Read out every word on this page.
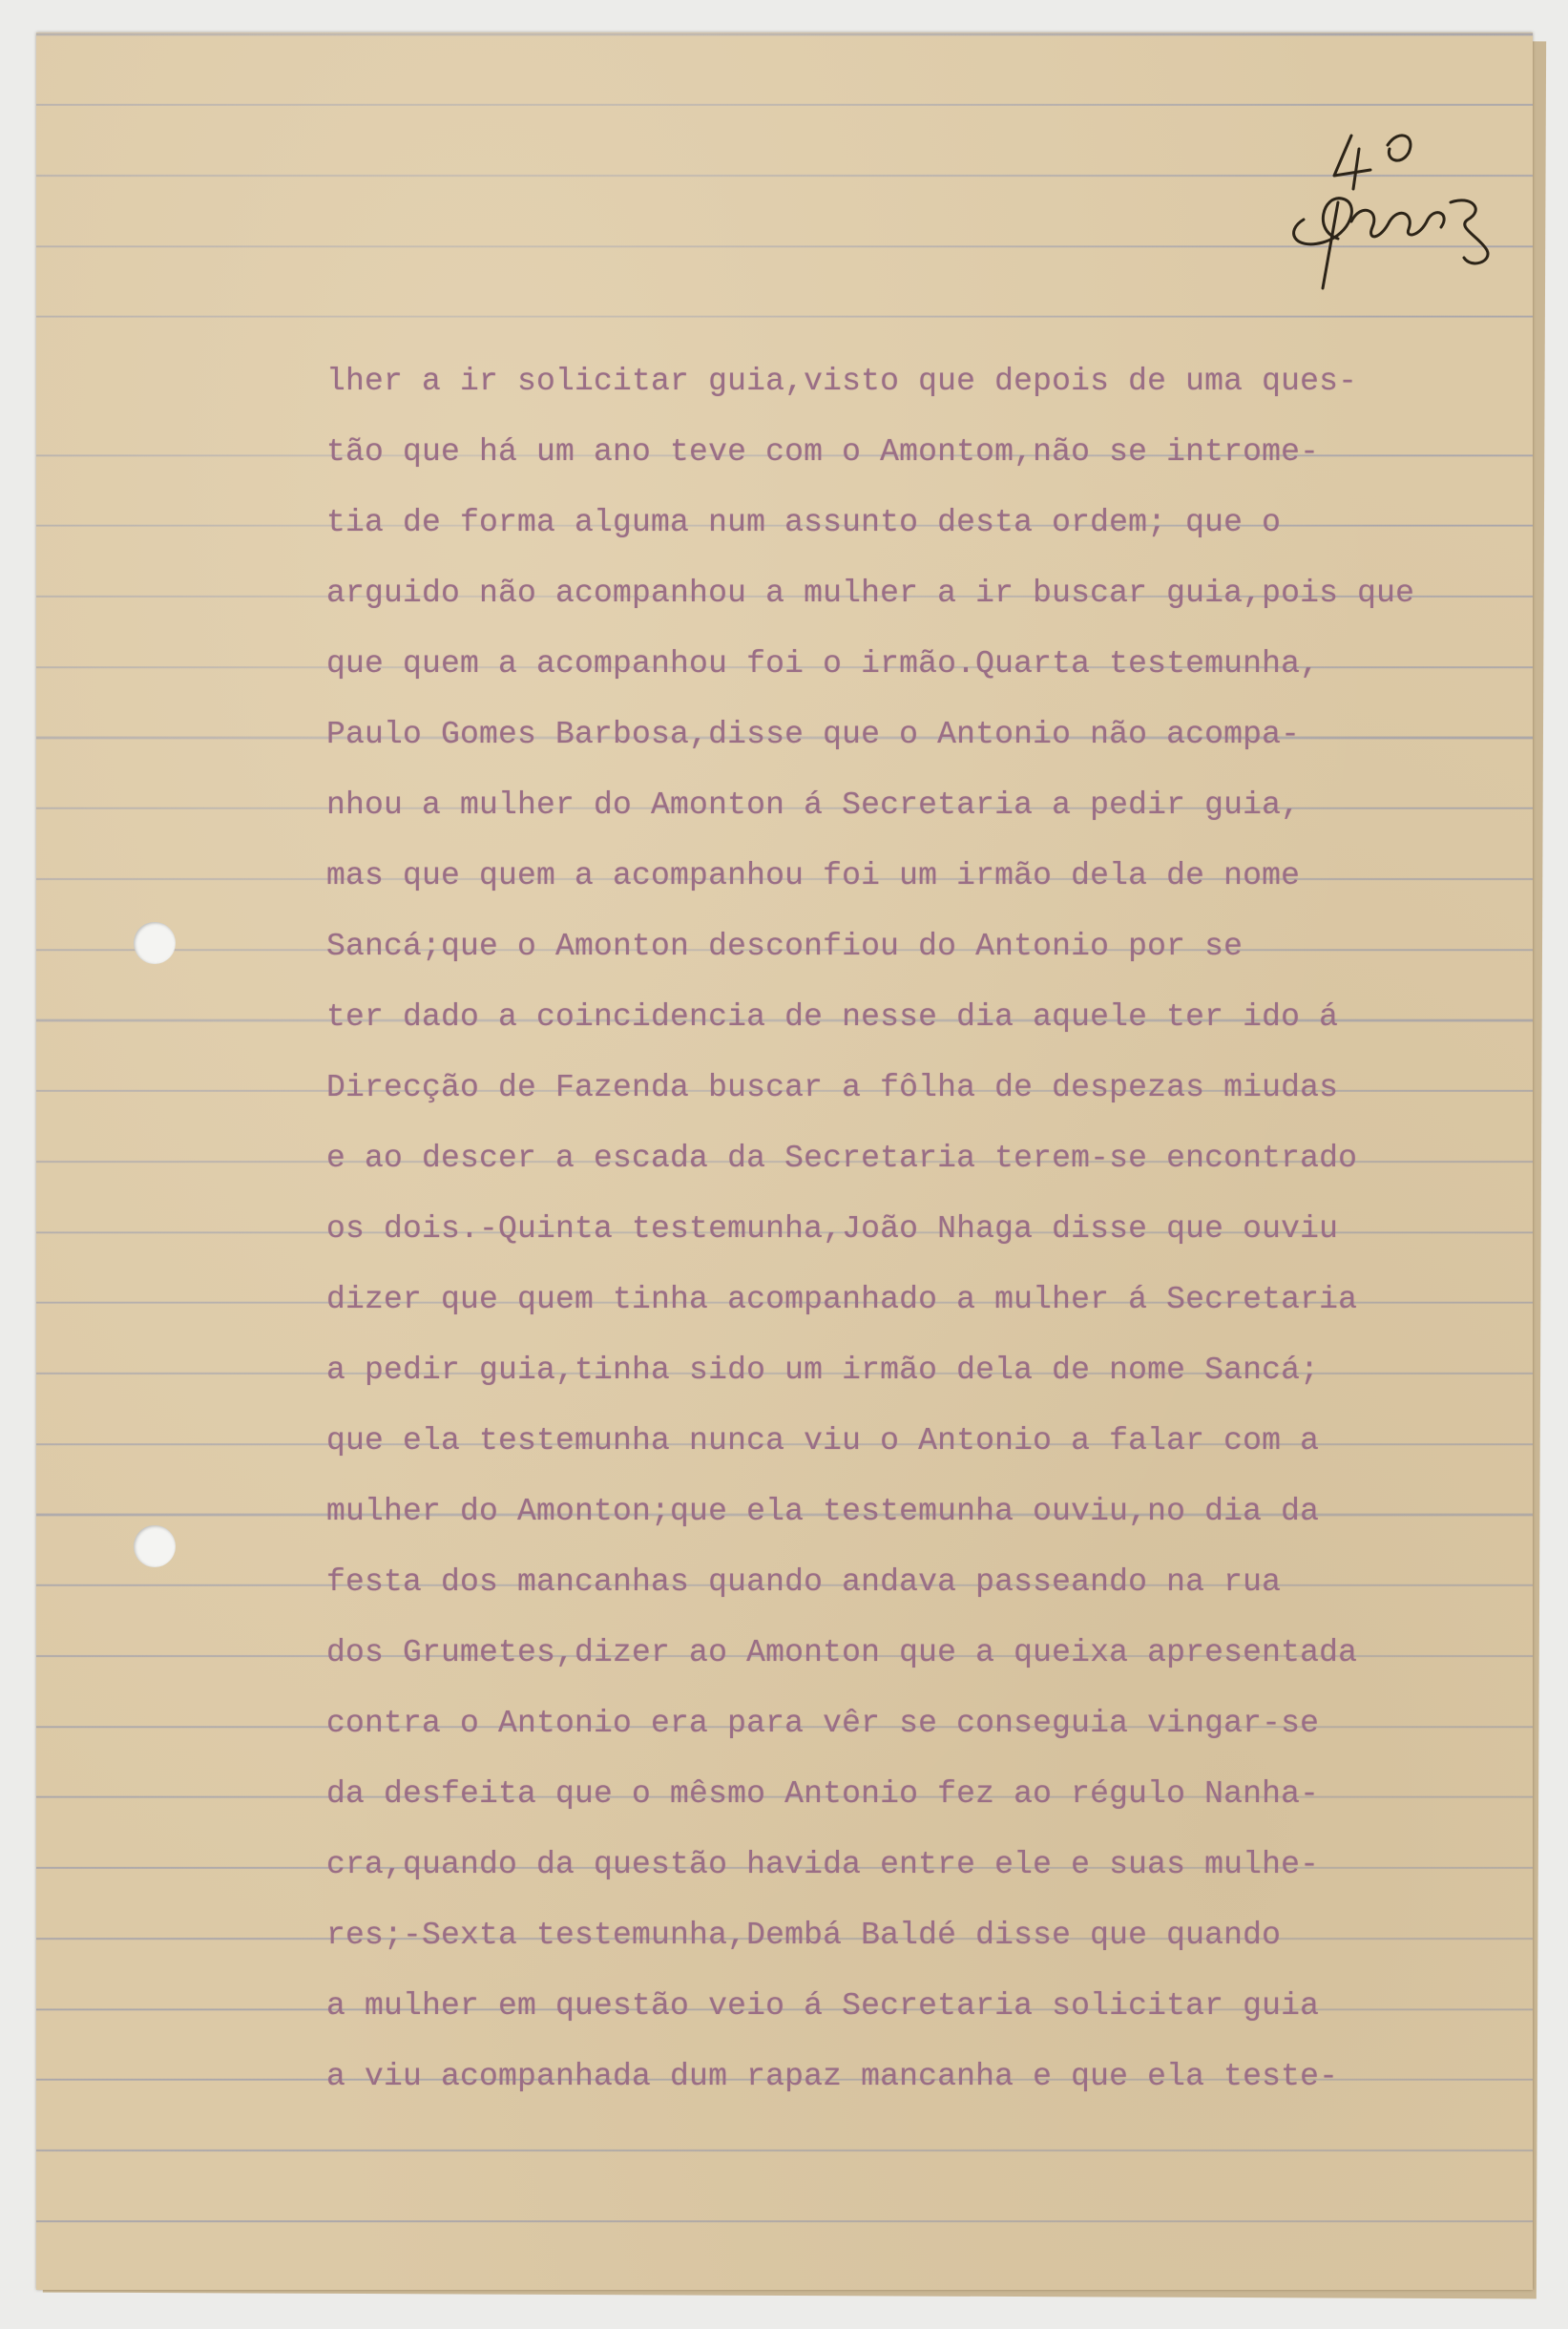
lher a ir solicitar guia,visto que depois de uma ques-
tão que há um ano teve com o Amontom,não se introme-
tia de forma alguma num assunto desta ordem; que o
arguido não acompanhou a mulher a ir buscar guia,pois que
que quem a acompanhou foi o irmão.Quarta testemunha,
Paulo Gomes Barbosa,disse que o Antonio não acompa-
nhou a mulher do Amonton á Secretaria a pedir guia,
mas que quem a acompanhou foi um irmão dela de nome
Sancá;que o Amonton desconfiou do Antonio por se
ter dado a coincidencia de nesse dia aquele ter ido á
Direcção de Fazenda buscar a fôlha de despezas miudas
e ao descer a escada da Secretaria terem-se encontrado
os dois.-Quinta testemunha,João Nhaga disse que ouviu
dizer que quem tinha acompanhado a mulher á Secretaria
a pedir guia,tinha sido um irmão dela de nome Sancá;
que ela testemunha nunca viu o Antonio a falar com a
mulher do Amonton;que ela testemunha ouviu,no dia da
festa dos mancanhas quando andava passeando na rua
dos Grumetes,dizer ao Amonton que a queixa apresentada
contra o Antonio era para vêr se conseguia vingar-se
da desfeita que o mêsmo Antonio fez ao régulo Nanha-
cra,quando da questão havida entre ele e suas mulhe-
res;-Sexta testemunha,Dembá Baldé disse que quando
a mulher em questão veio á Secretaria solicitar guia
a viu acompanhada dum rapaz mancanha e que ela teste-
